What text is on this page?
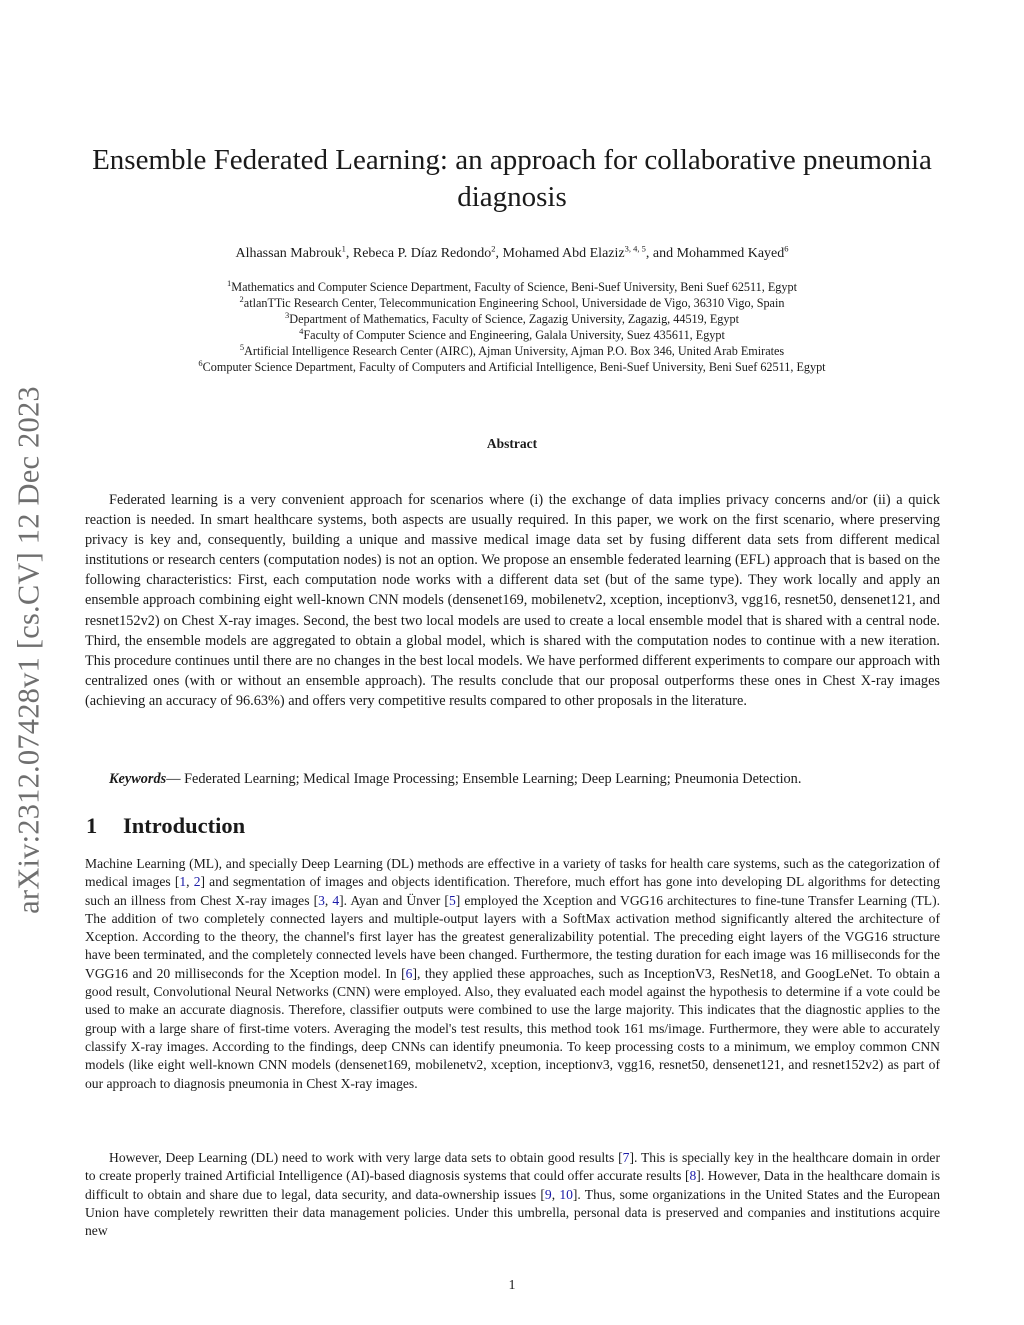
arXiv:2312.07428v1 [cs.CV] 12 Dec 2023
Ensemble Federated Learning: an approach for collaborative pneumonia
diagnosis
Alhassan Mabrouk$^1$, Rebeca P. Díaz Redondo$^2$, Mohamed Abd Elaziz$^{3, 4, 5}$, and Mohammed Kayed$^6$
$^1$Mathematics and Computer Science Department, Faculty of Science, Beni-Suef University, Beni Suef 62511, Egypt
$^2$atlanTTic Research Center, Telecommunication Engineering School, Universidade de Vigo, 36310 Vigo, Spain
$^3$Department of Mathematics, Faculty of Science, Zagazig University, Zagazig, 44519, Egypt
$^4$Faculty of Computer Science and Engineering, Galala University, Suez 435611, Egypt
$^5$Artificial Intelligence Research Center (AIRC), Ajman University, Ajman P.O. Box 346, United Arab Emirates
$^6$Computer Science Department, Faculty of Computers and Artificial Intelligence, Beni-Suef University, Beni Suef 62511, Egypt
Abstract

Federated learning is a very convenient approach for scenarios where (i) the exchange of data implies privacy concerns and/or (ii) a quick reaction is needed. In smart healthcare systems, both aspects are usually required. In this paper, we work on the first scenario, where preserving privacy is key and, consequently, building a unique and massive medical image data set by fusing different data sets from different medical institutions or research centers (computation nodes) is not an option. We propose an ensemble federated learning (EFL) approach that is based on the following characteristics: First, each computation node works with a different data set (but of the same type). They work locally and apply an ensemble approach combining eight well-known CNN models (densenet169, mobilenetv2, xception, inceptionv3, vgg16, resnet50, densenet121, and resnet152v2) on Chest X-ray images. Second, the best two local models are used to create a local ensemble model that is shared with a central node. Third, the ensemble models are aggregated to obtain a global model, which is shared with the computation nodes to continue with a new iteration. This procedure continues until there are no changes in the best local models. We have performed different experiments to compare our approach with centralized ones (with or without an ensemble approach). The results conclude that our proposal outperforms these ones in Chest X-ray images (achieving an accuracy of 96.63%) and offers very competitive results compared to other proposals in the literature.

Keywords— Federated Learning; Medical Image Processing; Ensemble Learning; Deep Learning; Pneumonia Detection.

1 Introduction

Machine Learning (ML), and specially Deep Learning (DL) methods are effective in a variety of tasks for health care systems, such as the categorization of medical images [1, 2] and segmentation of images and objects identification. Therefore, much effort has gone into developing DL algorithms for detecting such an illness from Chest X-ray images [3, 4]. Ayan and Ünver [5] employed the Xception and VGG16 architectures to fine-tune Transfer Learning (TL). The addition of two completely connected layers and multiple-output layers with a SoftMax activation method significantly altered the architecture of Xception. According to the theory, the channel's first layer has the greatest generalizability potential. The preceding eight layers of the VGG16 structure have been terminated, and the completely connected levels have been changed. Furthermore, the testing duration for each image was 16 milliseconds for the VGG16 and 20 milliseconds for the Xception model. In [6], they applied these approaches, such as InceptionV3, ResNet18, and GoogLeNet. To obtain a good result, Convolutional Neural Networks (CNN) were employed. Also, they evaluated each model against the hypothesis to determine if a vote could be used to make an accurate diagnosis. Therefore, classifier outputs were combined to use the large majority. This indicates that the diagnostic applies to the group with a large share of first-time voters. Averaging the model's test results, this method took 161 ms/image. Furthermore, they were able to accurately classify X-ray images. According to the findings, deep CNNs can identify pneumonia. To keep processing costs to a minimum, we employ common CNN models (like eight well-known CNN models (densenet169, mobilenetv2, xception, inceptionv3, vgg16, resnet50, densenet121, and resnet152v2) as part of our approach to diagnosis pneumonia in Chest X-ray images.

However, Deep Learning (DL) need to work with very large data sets to obtain good results [7]. This is specially key in the healthcare domain in order to create properly trained Artificial Intelligence (AI)-based diagnosis systems that could offer accurate results [8]. However, Data in the healthcare domain is difficult to obtain and share due to legal, data security, and data-ownership issues [9, 10]. Thus, some organizations in the United States and the European Union have completely rewritten their data management policies. Under this umbrella, personal data is preserved and companies and institutions acquire new

1
